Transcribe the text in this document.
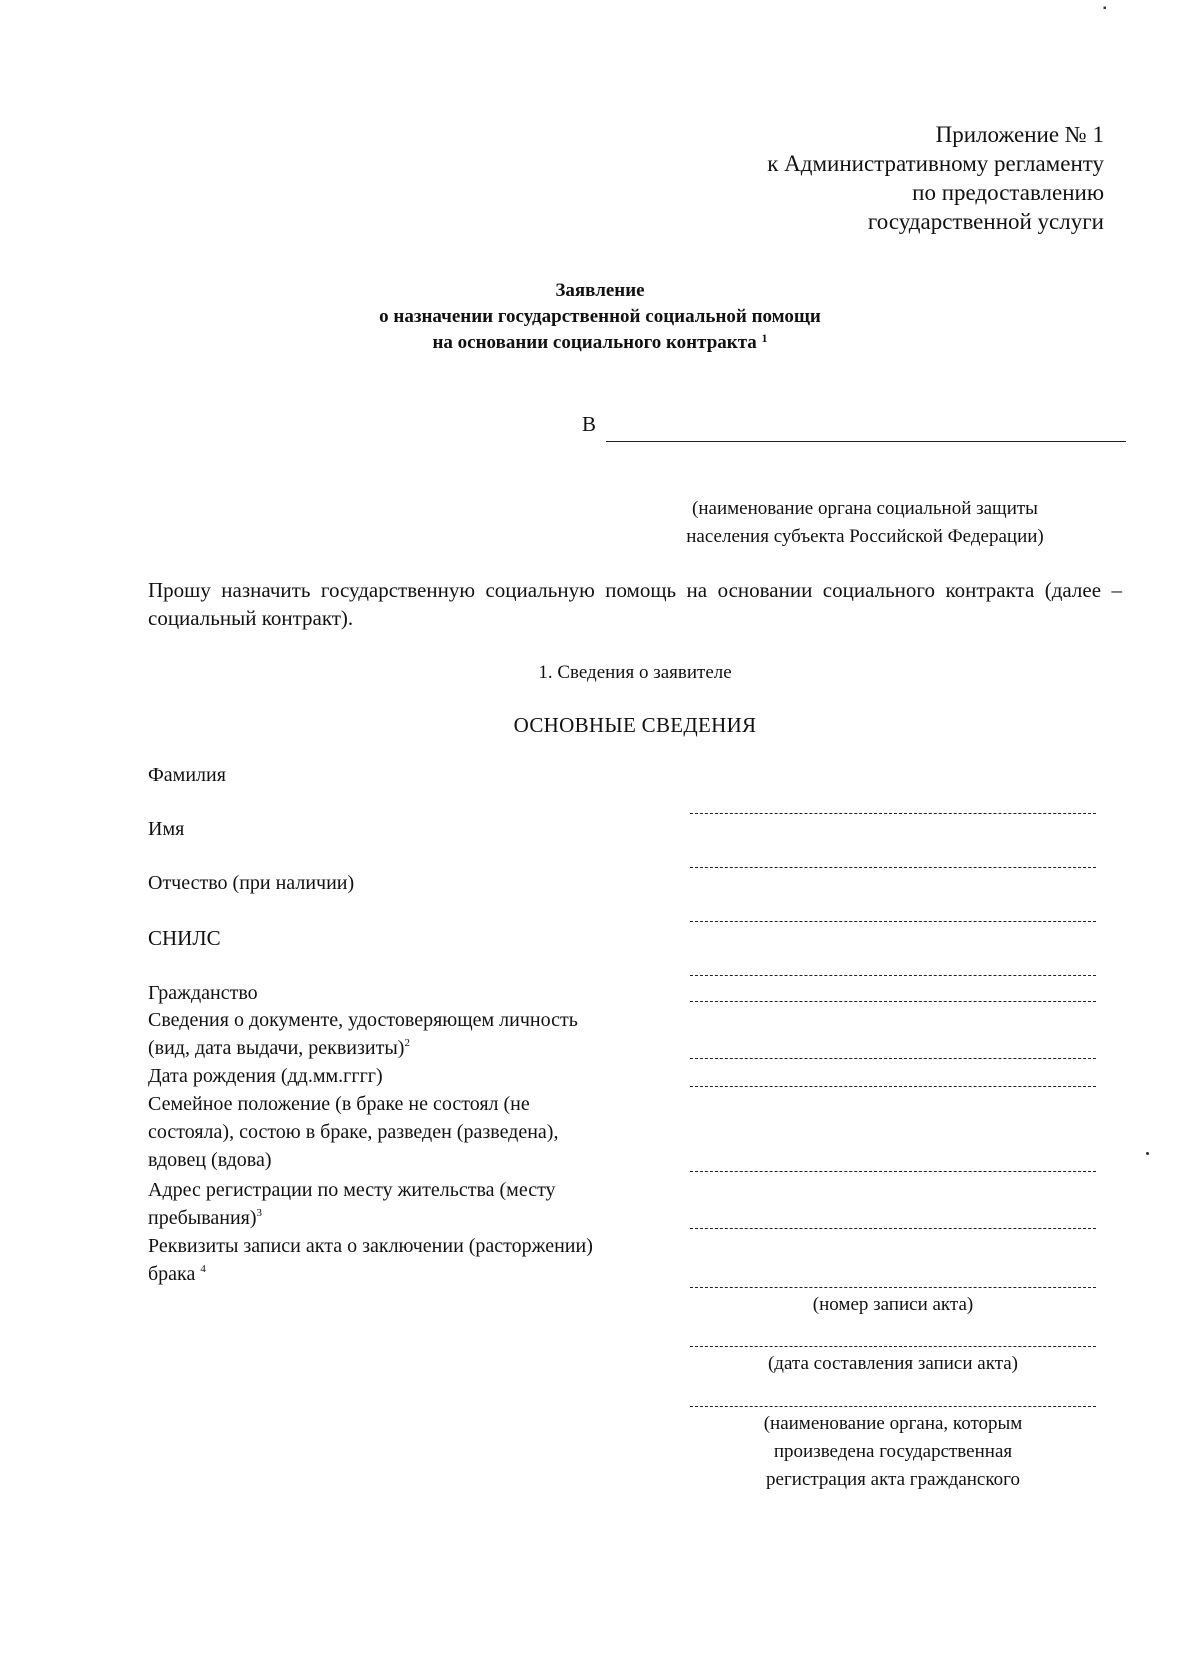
▪
Приложение № 1
к Административному регламенту
по предоставлению
государственной услуги
Заявление
о назначении государственной социальной помощи
на основании социального контракта $^1$
В
(наименование органа социальной защиты
населения субъекта Российской Федерации)
Прошу назначить государственную социальную помощь на основании социального контракта (далее – социальный контракт).
1. Сведения о заявителе
ОСНОВНЫЕ СВЕДЕНИЯ
Фамилия
Имя
Отчество (при наличии)
СНИЛС
Гражданство
Сведения о документе, удостоверяющем личность
(вид, дата выдачи, реквизиты)$^2$
Дата рождения (дд.мм.гггг)
Семейное положение (в браке не состоял (не
состояла), состою в браке, разведен (разведена),
вдовец (вдова)
Адрес регистрации по месту жительства (месту
пребывания)$^3$
Реквизиты записи акта о заключении (расторжении)
брака $^4$
(номер записи акта)
(дата составления записи акта)
(наименование органа, которым
произведена государственная
регистрация акта гражданского
